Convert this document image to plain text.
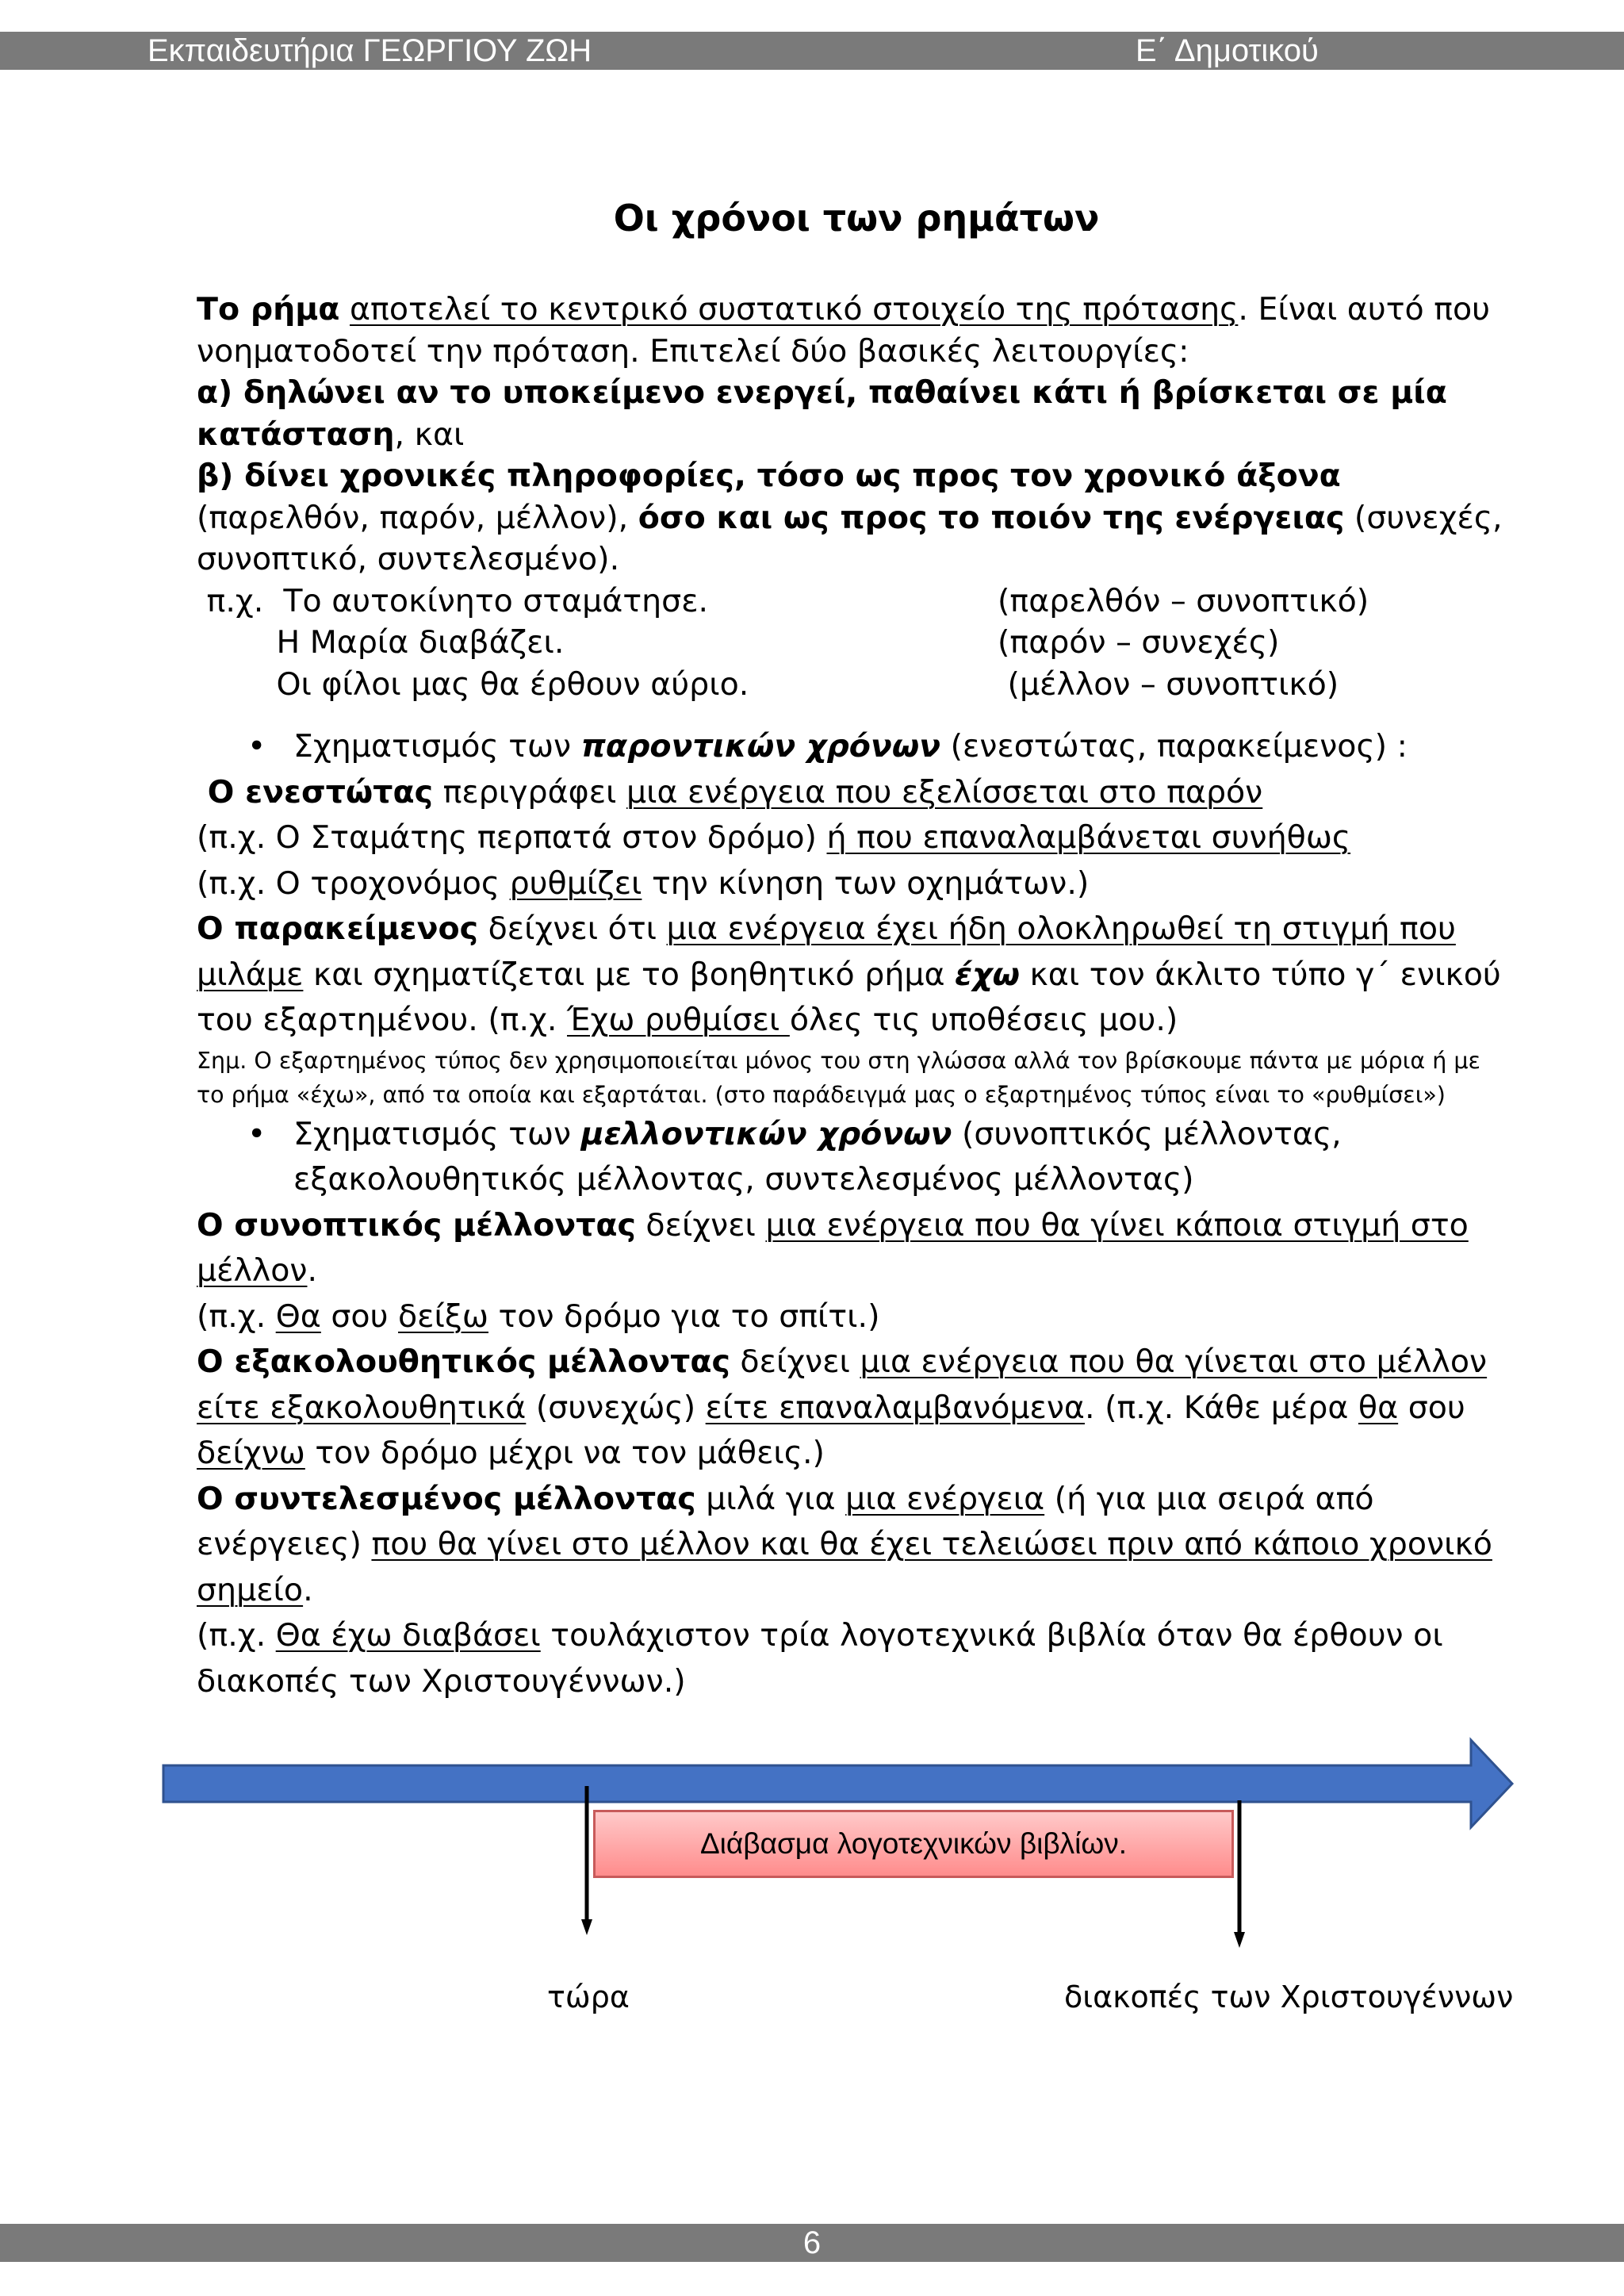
Εκπαιδευτήρια ΓΕΩΡΓΙΟΥ ΖΩΗ	Ε΄ Δημοτικού
Οι χρόνοι των ρημάτων

Το ρήμα αποτελεί το κεντρικό συστατικό στοιχείο της πρότασης. Είναι αυτό που νοηματοδοτεί την πρόταση. Επιτελεί δύο βασικές λειτουργίες:

α) δηλώνει αν το υποκείμενο ενεργεί, παθαίνει κάτι ή βρίσκεται σε μία κατάσταση, και

β) δίνει χρονικές πληροφορίες, τόσο ως προς τον χρονικό άξονα (παρελθόν, παρόν, μέλλον), όσο και ως προς το ποιόν της ενέργειας (συνεχές, συνοπτικό, συντελεσμένο).

π.χ.  Το αυτοκίνητο σταμάτησε.	(παρελθόν – συνοπτικό)
Η Μαρία διαβάζει.	(παρόν – συνεχές)
Οι φίλοι μας θα έρθουν αύριο.	(μέλλον – συνοπτικό)

• Σχηματισμός των παροντικών χρόνων (ενεστώτας, παρακείμενος) :

Ο ενεστώτας περιγράφει μια ενέργεια που εξελίσσεται στο παρόν

(π.χ. Ο Σταμάτης περπατά στον δρόμο) ή που επαναλαμβάνεται συνήθως

(π.χ. Ο τροχονόμος ρυθμίζει την κίνηση των οχημάτων.)

Ο παρακείμενος δείχνει ότι μια ενέργεια έχει ήδη ολοκληρωθεί τη στιγμή που μιλάμε και σχηματίζεται με το βοηθητικό ρήμα έχω και τον άκλιτο τύπο γ΄ ενικού του εξαρτημένου. (π.χ. Έχω ρυθμίσει όλες τις υποθέσεις μου.)

Σημ. Ο εξαρτημένος τύπος δεν χρησιμοποιείται μόνος του στη γλώσσα αλλά τον βρίσκουμε πάντα με μόρια ή με το ρήμα «έχω», από τα οποία και εξαρτάται. (στο παράδειγμά μας ο εξαρτημένος τύπος είναι το «ρυθμίσει»)

• Σχηματισμός των μελλοντικών χρόνων (συνοπτικός μέλλοντας, εξακολουθητικός μέλλοντας, συντελεσμένος μέλλοντας)

Ο συνοπτικός μέλλοντας δείχνει μια ενέργεια που θα γίνει κάποια στιγμή στο μέλλον.

(π.χ. Θα σου δείξω τον δρόμο για το σπίτι.)

Ο εξακολουθητικός μέλλοντας δείχνει μια ενέργεια που θα γίνεται στο μέλλον είτε εξακολουθητικά (συνεχώς) είτε επαναλαμβανόμενα. (π.χ. Κάθε μέρα θα σου δείχνω τον δρόμο μέχρι να τον μάθεις.)

Ο συντελεσμένος μέλλοντας μιλά για μια ενέργεια (ή για μια σειρά από ενέργειες) που θα γίνει στο μέλλον και θα έχει τελειώσει πριν από κάποιο χρονικό σημείο.

(π.χ. Θα έχω διαβάσει τουλάχιστον τρία λογοτεχνικά βιβλία όταν θα έρθουν οι διακοπές των Χριστουγέννων.)

Διάβασμα λογοτεχνικών βιβλίων.
τώρα	διακοπές των Χριστουγέννων
6
